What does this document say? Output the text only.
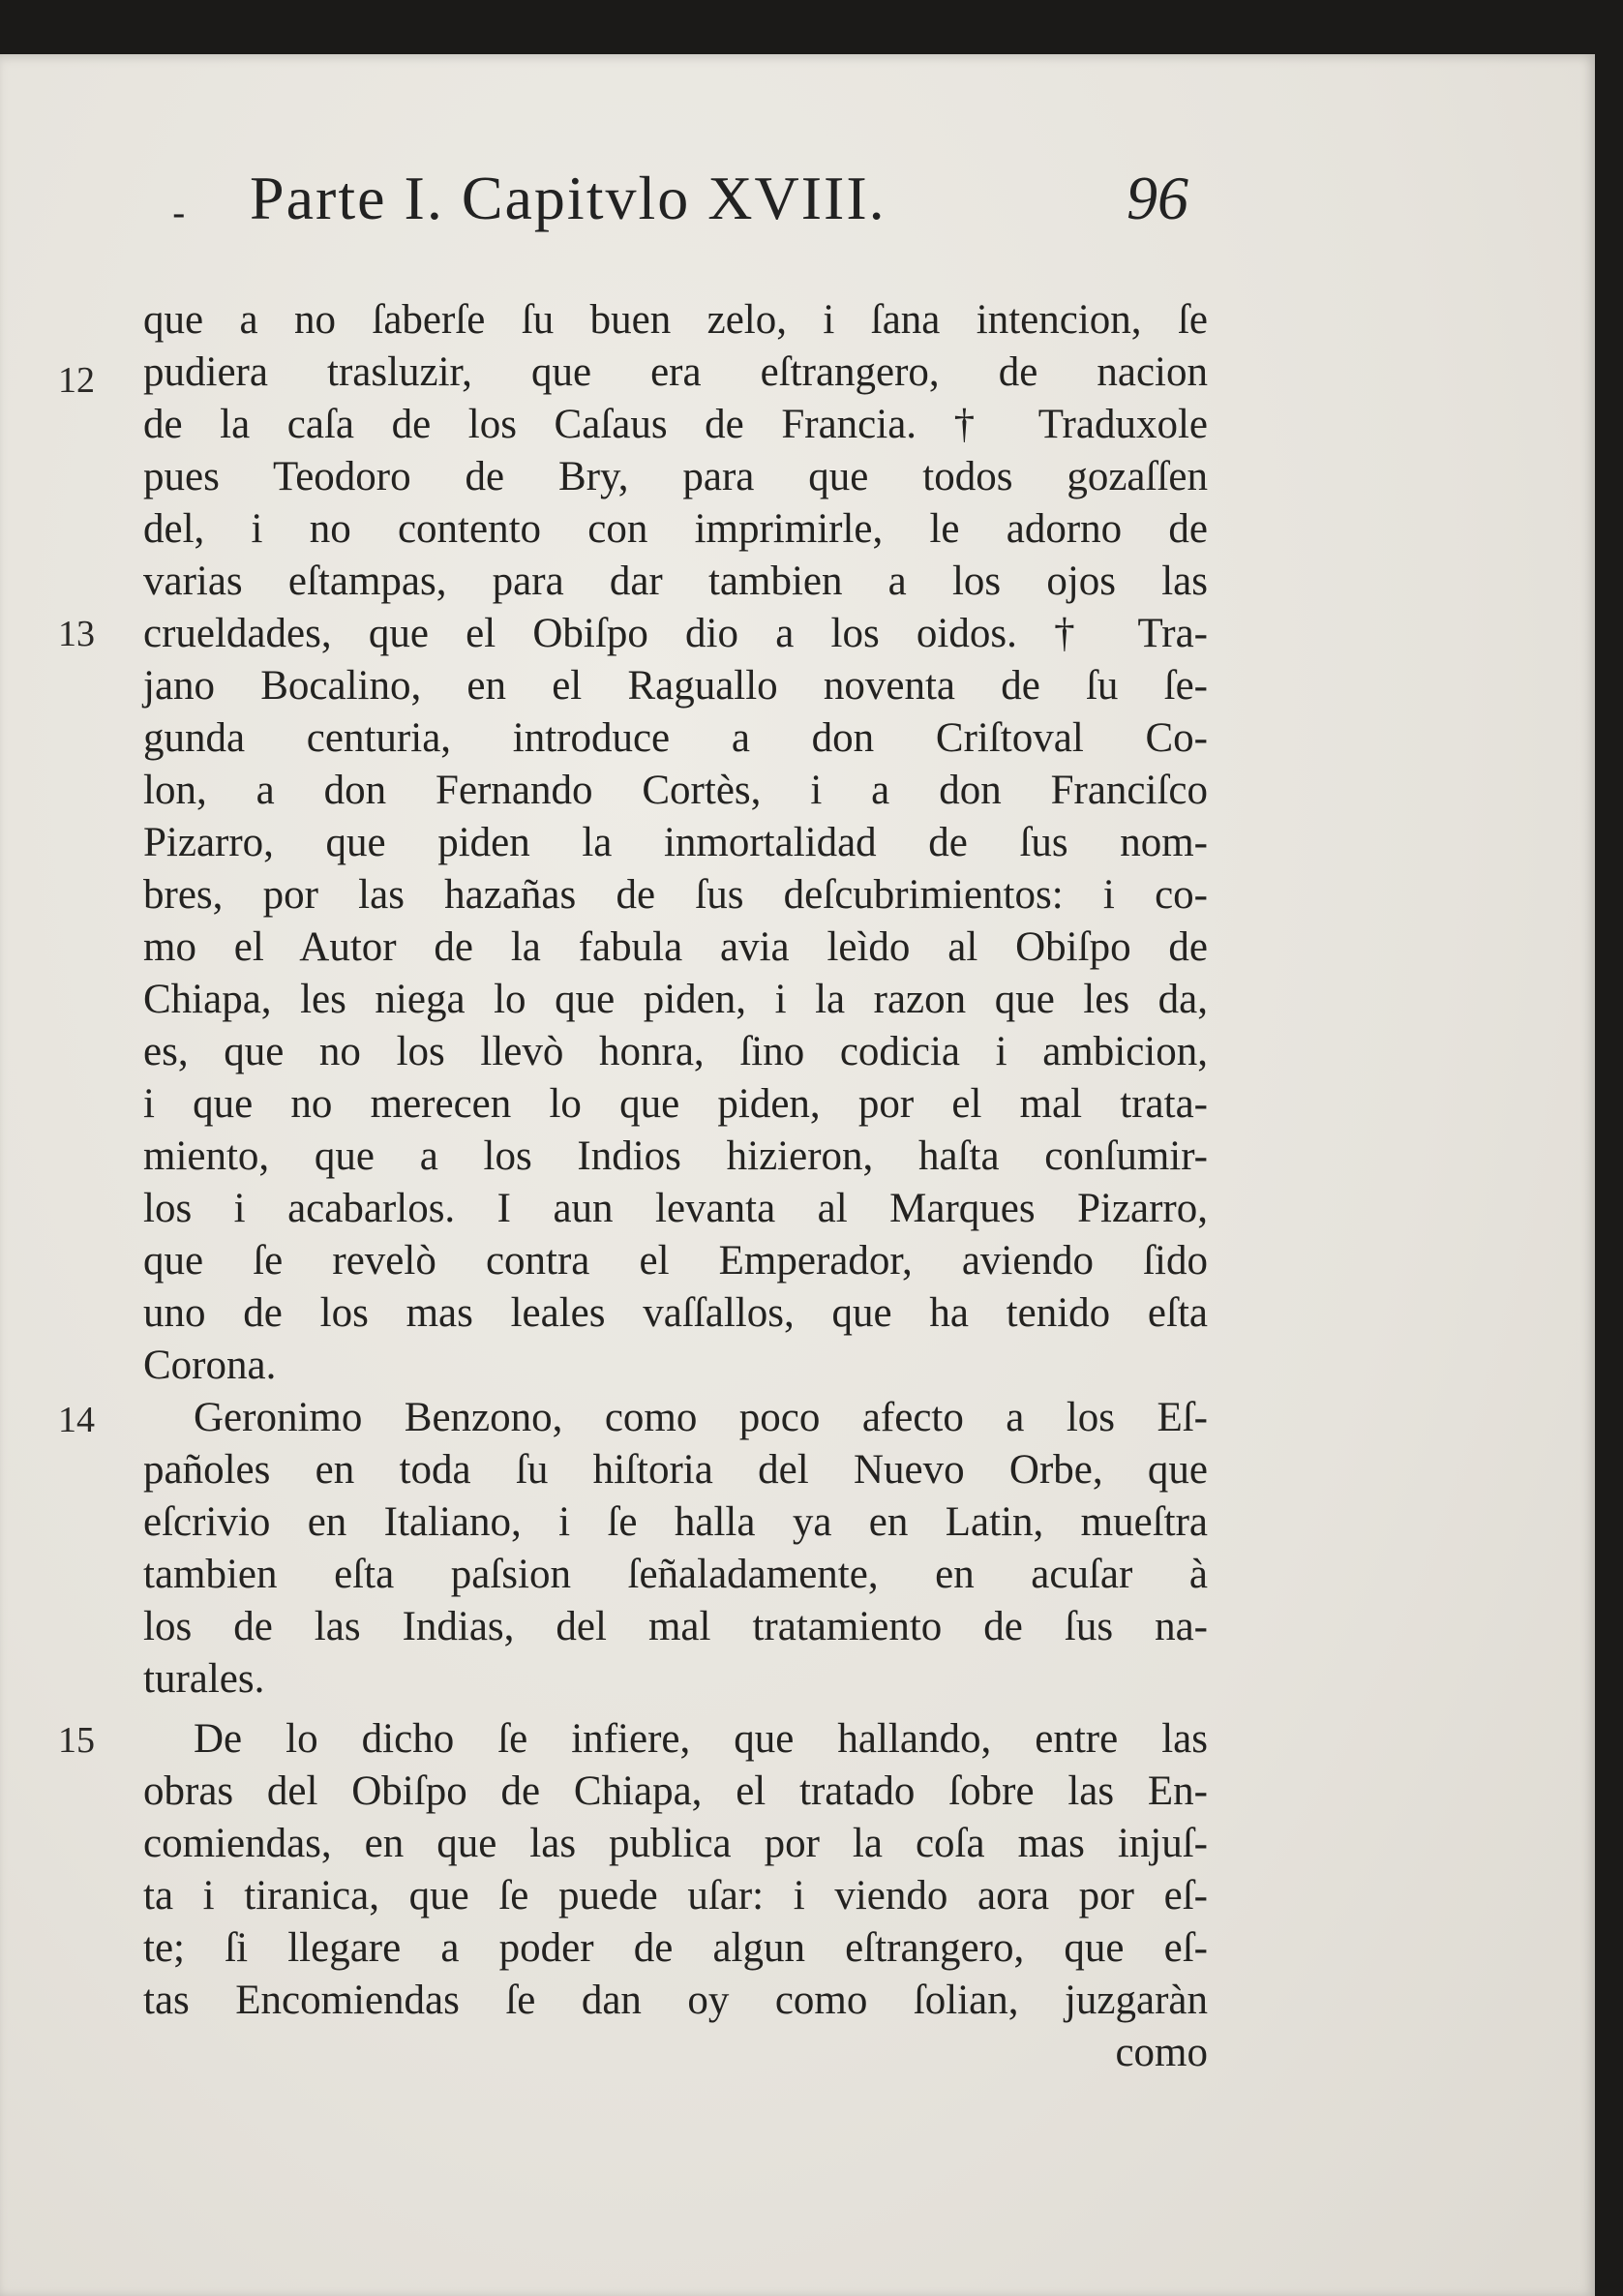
- Parte I. Capitvlo XVIII.	96
12
13
14
15
que a no ſaberſe ſu buen zelo, i ſana intencion, ſe
pudiera trasluzir, que era eſtrangero, de nacion
de la caſa de los Caſaus de Francia. † Traduxole
pues Teodoro de Bry, para que todos gozaſſen
del, i no contento con imprimirle, le adorno de
varias eſtampas, para dar tambien a los ojos las
crueldades, que el Obiſpo dio a los oidos. † Tra-
jano Bocalino, en el Raguallo noventa de ſu ſe-
gunda centuria, introduce a don Criſtoval Co-
lon, a don Fernando Cortès, i a don Franciſco
Pizarro, que piden la inmortalidad de ſus nom-
bres, por las hazañas de ſus deſcubrimientos: i co-
mo el Autor de la fabula avia leìdo al Obiſpo de
Chiapa, les niega lo que piden, i la razon que les da,
es, que no los llevò honra, ſino codicia i ambicion,
i que no merecen lo que piden, por el mal trata-
miento, que a los Indios hizieron, haſta conſumir-
los i acabarlos. I aun levanta al Marques Pizarro,
que ſe revelò contra el Emperador, aviendo ſido
uno de los mas leales vaſſallos, que ha tenido eſta
Corona.
Geronimo Benzono, como poco afecto a los Eſ-
pañoles en toda ſu hiſtoria del Nuevo Orbe, que
eſcrivio en Italiano, i ſe halla ya en Latin, mueſtra
tambien eſta paſsion ſeñaladamente, en acuſar à
los de las Indias, del mal tratamiento de ſus na-
turales.
De lo dicho ſe infiere, que hallando, entre las
obras del Obiſpo de Chiapa, el tratado ſobre las En-
comiendas, en que las publica por la coſa mas injuſ-
ta i tiranica, que ſe puede uſar: i viendo aora por eſ-
te; ſi llegare a poder de algun eſtrangero, que eſ-
tas Encomiendas ſe dan oy como ſolian, juzgaràn
como
